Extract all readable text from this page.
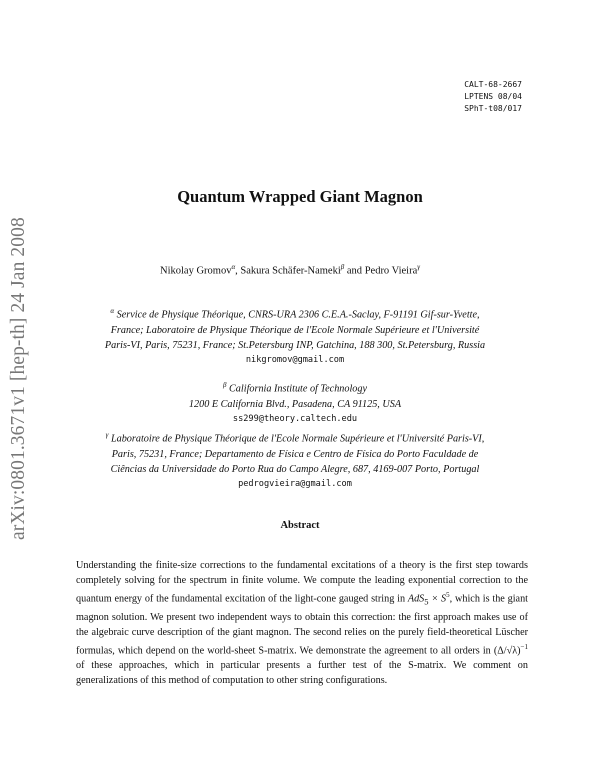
CALT-68-2667
LPTENS 08/04
SPhT-t08/017
arXiv:0801.3671v1 [hep-th] 24 Jan 2008
Quantum Wrapped Giant Magnon
Nikolay Gromov$^\alpha$, Sakura Schäfer-Nameki$^\beta$ and Pedro Vieira$^\gamma$
$^\alpha$ Service de Physique Théorique, CNRS-URA 2306 C.E.A.-Saclay, F-91191 Gif-sur-Yvette,
France; Laboratoire de Physique Théorique de l'Ecole Normale Supérieure et l'Université
Paris-VI, Paris, 75231, France; St.Petersburg INP, Gatchina, 188 300, St.Petersburg, Russia
nikgromov@gmail.com
$^\beta$ California Institute of Technology
1200 E California Blvd., Pasadena, CA 91125, USA
ss299@theory.caltech.edu
$^\gamma$ Laboratoire de Physique Théorique de l'Ecole Normale Supérieure et l'Université Paris-VI,
Paris, 75231, France; Departamento de Física e Centro de Física do Porto Faculdade de
Ciências da Universidade do Porto Rua do Campo Alegre, 687, 4169-007 Porto, Portugal
pedrogvieira@gmail.com
Abstract
Understanding the finite-size corrections to the fundamental excitations of a theory is the first step towards completely solving for the spectrum in finite volume. We compute the leading exponential correction to the quantum energy of the fundamental excitation of the light-cone gauged string in $AdS_5 \times S^5$, which is the giant magnon solution. We present two independent ways to obtain this correction: the first approach makes use of the algebraic curve description of the giant magnon. The second relies on the purely field-theoretical Lüscher formulas, which depend on the world-sheet S-matrix. We demonstrate the agreement to all orders in $(\Delta/√\lambda)^{-1}$ of these approaches, which in particular presents a further test of the S-matrix. We comment on generalizations of this method of computation to other string configurations.
